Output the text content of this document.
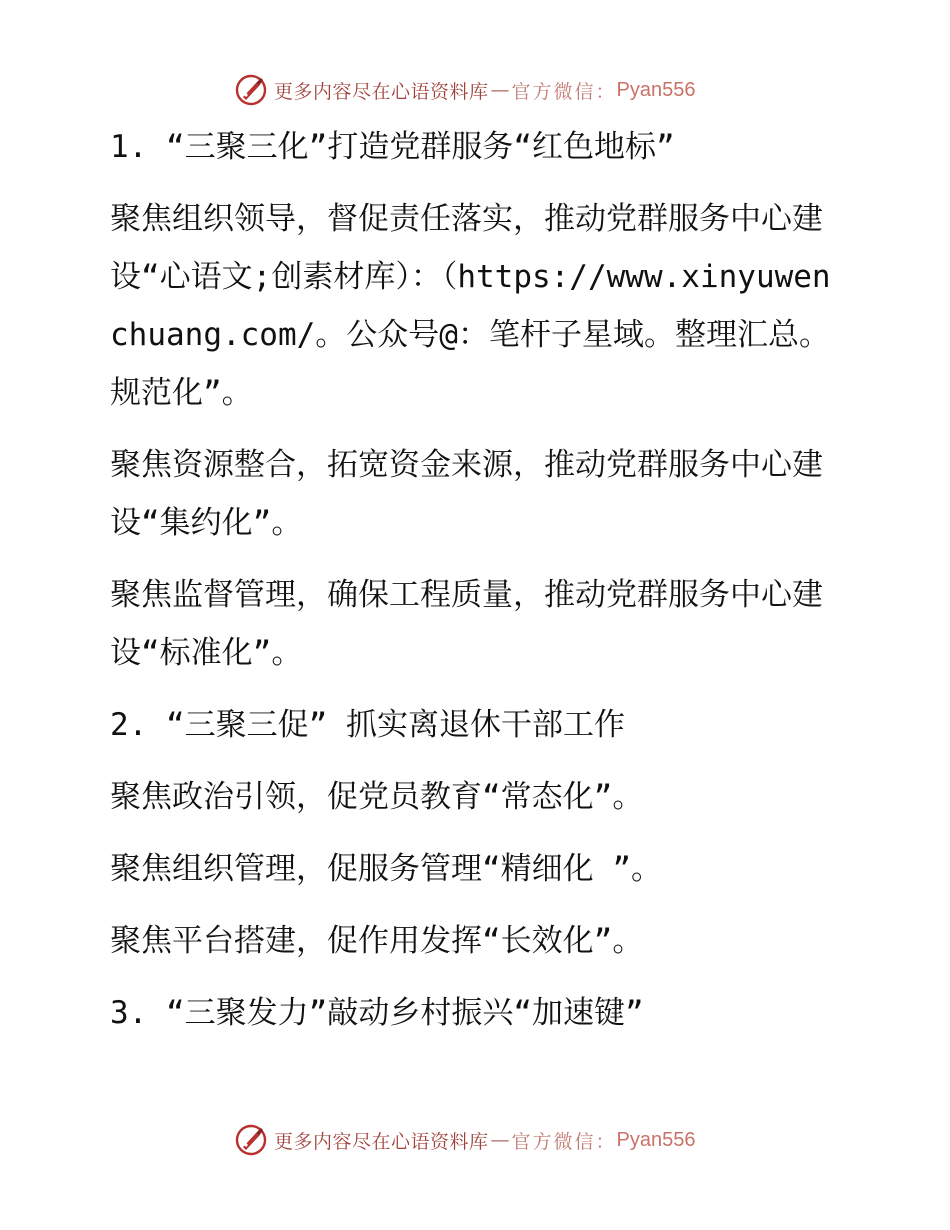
更多内容尽在心语资料库 — 官方微信： Pyan556

1. “三聚三化”打造党群服务“红色地标”

聚焦组织领导，督促责任落实，推动党群服务中心建设“心语文;创素材库）：（https://www.xinyuwenchuang.com/。公众号@：笔杆子星域。整理汇总。规范化”。

聚焦资源整合，拓宽资金来源，推动党群服务中心建设“集约化”。

聚焦监督管理，确保工程质量，推动党群服务中心建设“标准化”。

2. “三聚三促” 抓实离退休干部工作

聚焦政治引领，促党员教育“常态化”。

聚焦组织管理，促服务管理“精细化 ”。

聚焦平台搭建，促作用发挥“长效化”。

3. “三聚发力”敲动乡村振兴“加速键”

更多内容尽在心语资料库 — 官方微信： Pyan556
